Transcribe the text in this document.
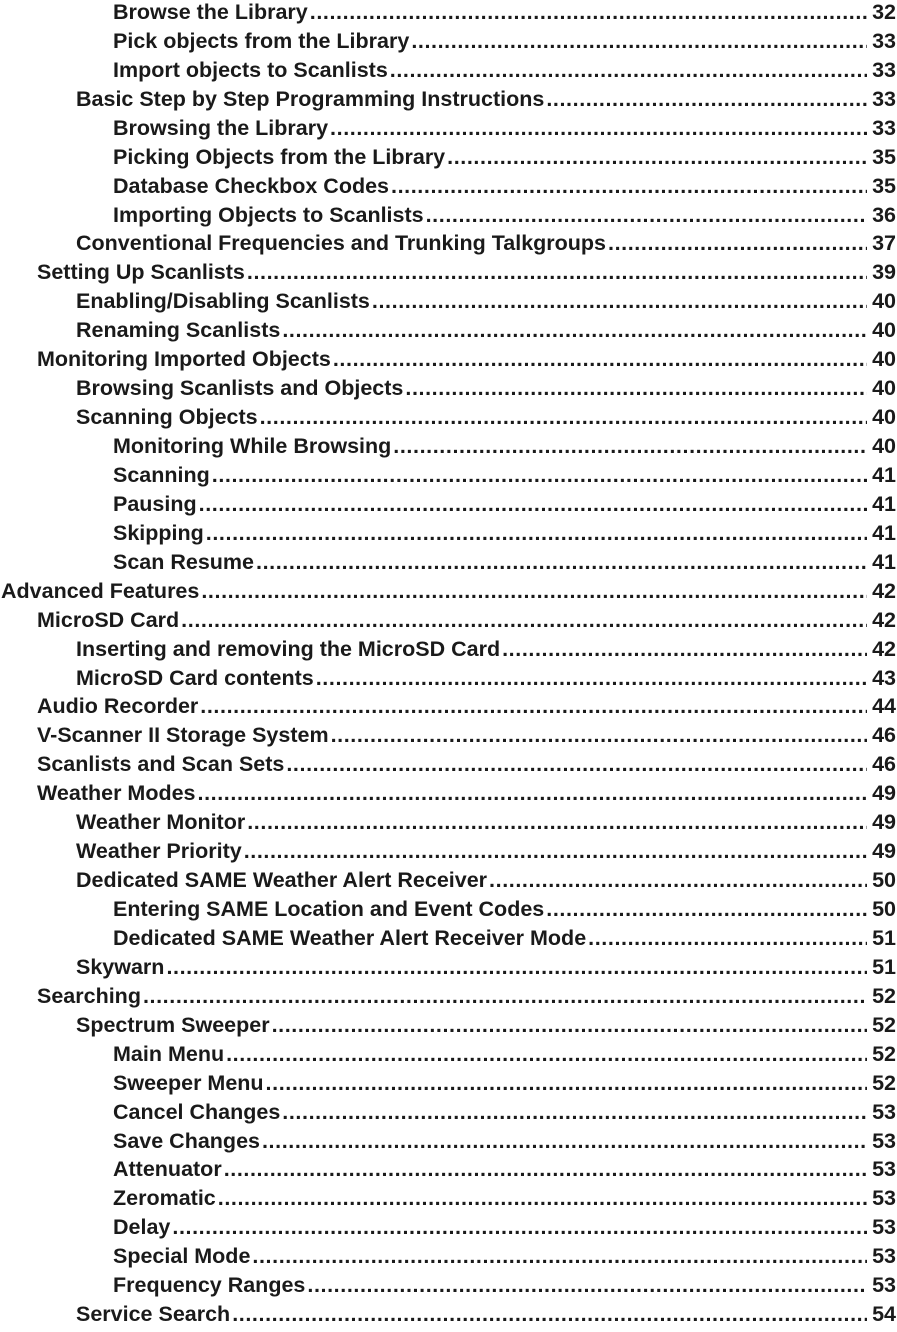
Browse the Library .....	32
Pick objects from the Library .....	33
Import objects to Scanlists .....	33
Basic Step by Step Programming Instructions .....	33
Browsing the Library .....	33
Picking Objects from the Library .....	35
Database Checkbox Codes .....	35
Importing Objects to Scanlists .....	36
Conventional Frequencies and Trunking Talkgroups .....	37
Setting Up Scanlists .....	39
Enabling/Disabling Scanlists .....	40
Renaming Scanlists .....	40
Monitoring Imported Objects .....	40
Browsing Scanlists and Objects .....	40
Scanning Objects .....	40
Monitoring While Browsing .....	40
Scanning .....	41
Pausing .....	41
Skipping .....	41
Scan Resume .....	41
Advanced Features .....	42
MicroSD Card .....	42
Inserting and removing the MicroSD Card .....	42
MicroSD Card contents .....	43
Audio Recorder .....	44
V-Scanner II Storage System .....	46
Scanlists and Scan Sets .....	46
Weather Modes .....	49
Weather Monitor .....	49
Weather Priority .....	49
Dedicated SAME Weather Alert Receiver .....	50
Entering SAME Location and Event Codes .....	50
Dedicated SAME Weather Alert Receiver Mode .....	51
Skywarn .....	51
Searching .....	52
Spectrum Sweeper .....	52
Main Menu .....	52
Sweeper Menu .....	52
Cancel Changes .....	53
Save Changes .....	53
Attenuator .....	53
Zeromatic .....	53
Delay .....	53
Special Mode .....	53
Frequency Ranges .....	53
Service Search .....	54
